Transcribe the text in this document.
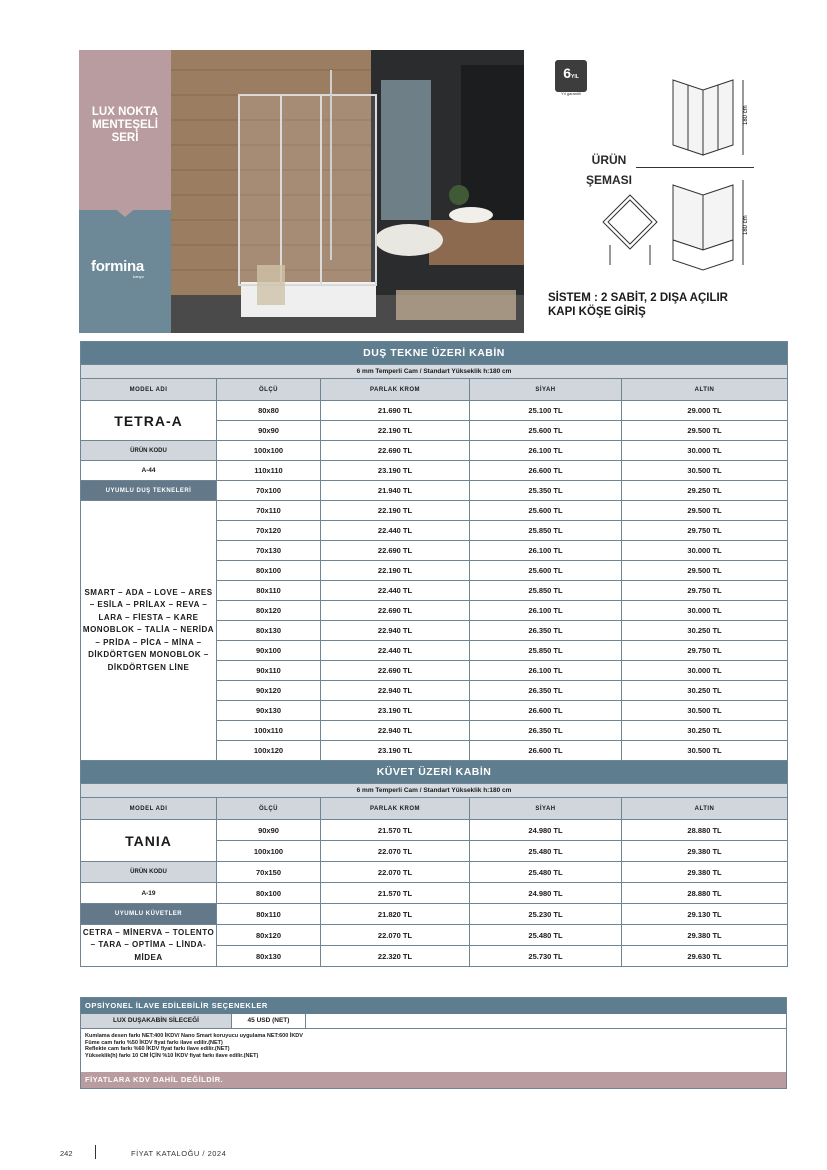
LUX NOKTA
MENTEŞELİ
SERİ
formina
banyo
6YIL
Yıl garantili
ÜRÜN
ŞEMASI
180 cm
180 cm
SİSTEM : 2 SABİT, 2 DIŞA AÇILIR
KAPI KÖŞE GİRİŞ
DUŞ TEKNE ÜZERİ KABİN				
6 mm Temperli Cam / Standart Yükseklik h:180 cm				
MODEL ADI	ÖLÇÜ	PARLAK KROM	SİYAH	ALTIN
TETRA-A	80x80	21.690 TL	25.100 TL	29.000 TL
	90x90	22.190 TL	25.600 TL	29.500 TL
ÜRÜN KODU	100x100	22.690 TL	26.100 TL	30.000 TL
A-44	110x110	23.190 TL	26.600 TL	30.500 TL
UYUMLU DUŞ TEKNELERİ	70x100	21.940 TL	25.350 TL	29.250 TL
SMART – ADA – LOVE – ARES – ESİLA – PRİLAX – REVA – LARA – FİESTA – KARE MONOBLOK – TALİA – NERİDA – PRİDA – PİCA – MİNA – DİKDÖRTGEN MONOBLOK – DİKDÖRTGEN LİNE	70x110	22.190 TL	25.600 TL	29.500 TL
	70x120	22.440 TL	25.850 TL	29.750 TL
	70x130	22.690 TL	26.100 TL	30.000 TL
	80x100	22.190 TL	25.600 TL	29.500 TL
	80x110	22.440 TL	25.850 TL	29.750 TL
	80x120	22.690 TL	26.100 TL	30.000 TL
	80x130	22.940 TL	26.350 TL	30.250 TL
	90x100	22.440 TL	25.850 TL	29.750 TL
	90x110	22.690 TL	26.100 TL	30.000 TL
	90x120	22.940 TL	26.350 TL	30.250 TL
	90x130	23.190 TL	26.600 TL	30.500 TL
	100x110	22.940 TL	26.350 TL	30.250 TL
	100x120	23.190 TL	26.600 TL	30.500 TL
KÜVET ÜZERİ KABİN				
6 mm Temperli Cam / Standart Yükseklik h:180 cm				
MODEL ADI	ÖLÇÜ	PARLAK KROM	SİYAH	ALTIN
TANIA	90x90	21.570 TL	24.980 TL	28.880 TL
	100x100	22.070 TL	25.480 TL	29.380 TL
ÜRÜN KODU	70x150	22.070 TL	25.480 TL	29.380 TL
A-19	80x100	21.570 TL	24.980 TL	28.880 TL
UYUMLU KÜVETLER	80x110	21.820 TL	25.230 TL	29.130 TL
CETRA – MİNERVA – TOLENTO – TARA – OPTİMA – LİNDA-MİDEA	80x120	22.070 TL	25.480 TL	29.380 TL
	80x130	22.320 TL	25.730 TL	29.630 TL
OPSİYONEL İLAVE EDİLEBİLİR SEÇENEKLER
LUX DUŞAKABİN SİLECEĞİ	45 USD (NET)
Kumlama desen farkı NET:400 İKDV/ Nano Smart koruyucu uygulama NET:600 İKDV
Füme cam farkı %50 İKDV fiyat farkı ilave edilir.(NET)
Reflekte cam farkı %60 İKDV fiyat farkı ilave edilir.(NET)
Yükseklik(h) farkı 10 CM İÇİN %10 İKDV fiyat farkı ilave edilir.(NET)
FİYATLARA KDV DAHİL DEĞİLDİR.
242	FİYAT KATALOĞU / 2024
